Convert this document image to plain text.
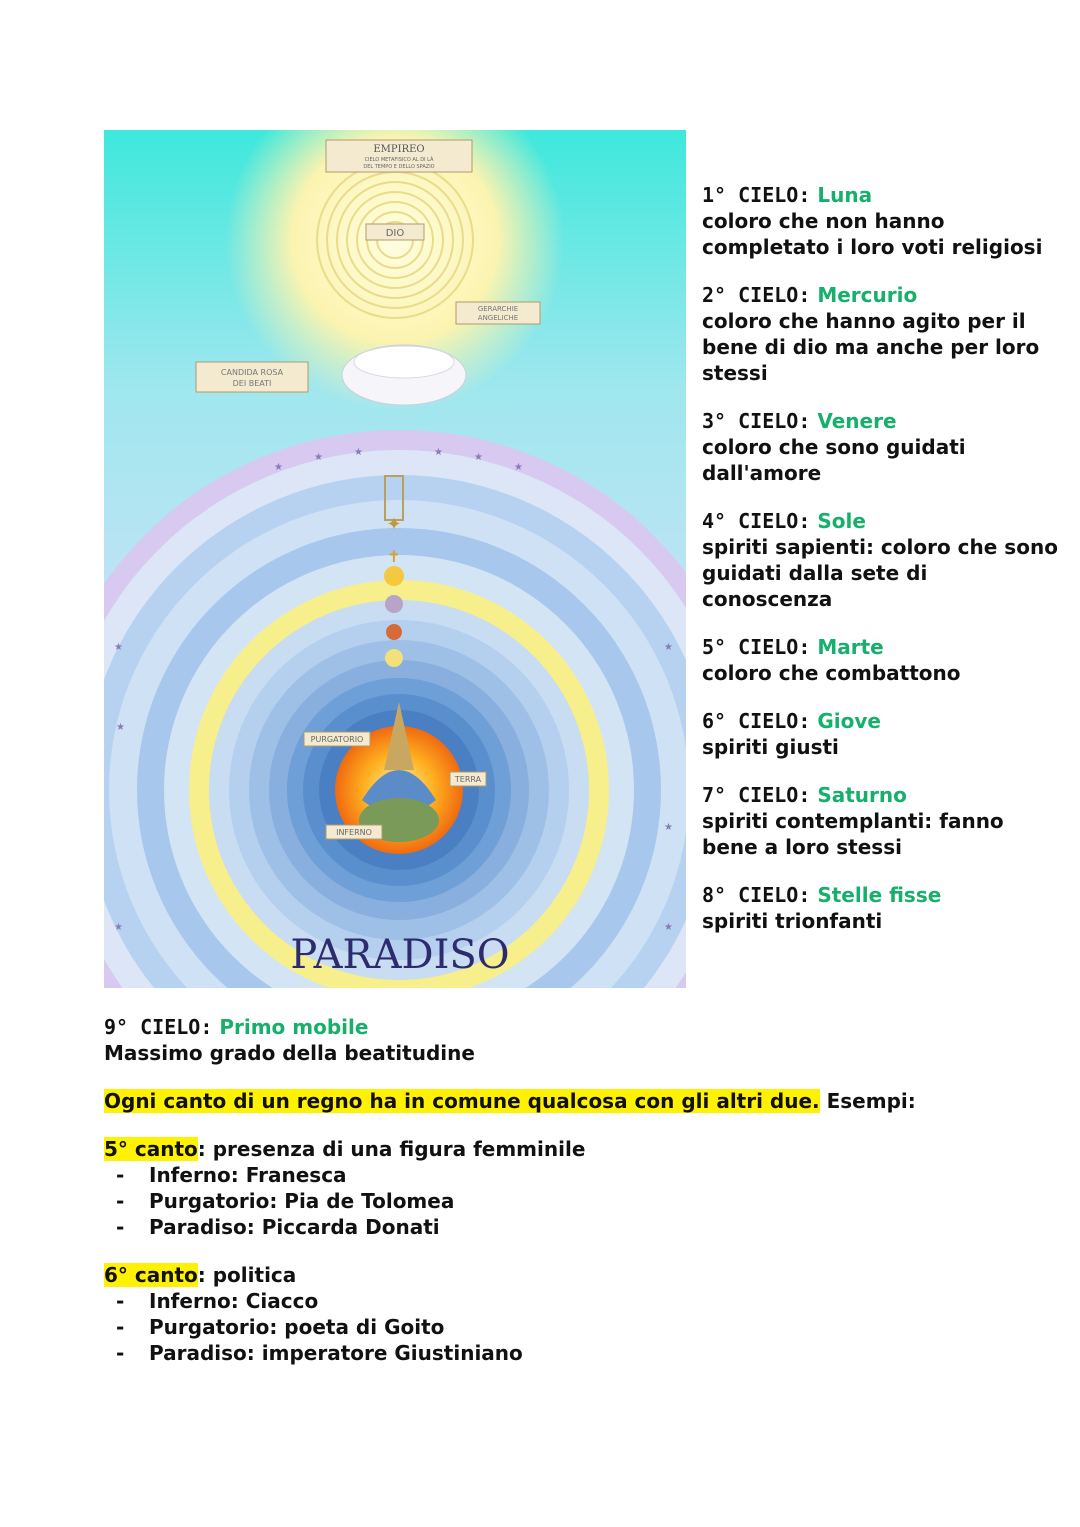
EMPIREO
CIELO METAFISICO AL DI LÀ
DEL TEMPO E DELLO SPAZIO
DIO
GERARCHIE
ANGELICHE
CANDIDA ROSA
DEI BEATI
★
★	★	★	★
★
★
★
★
★
★
★
✦
✝
PURGATORIO
TERRA
INFERNO
PARADISO
1° CIELO: Luna
coloro che non hanno completato i loro voti religiosi
2° CIELO: Mercurio
coloro che hanno agito per il bene di dio ma anche per loro stessi
3° CIELO: Venere
coloro che sono guidati dall'amore
4° CIELO: Sole
spiriti sapienti: coloro che sono guidati dalla sete di conoscenza
5° CIELO: Marte
coloro che combattono
6° CIELO: Giove
spiriti giusti
7° CIELO: Saturno
spiriti contemplanti: fanno bene a loro stessi
8° CIELO: Stelle fisse
spiriti trionfanti
9° CIELO: Primo mobile
Massimo grado della beatitudine
Ogni canto di un regno ha in comune qualcosa con gli altri due. Esempi:
5° canto: presenza di una figura femminile
- Inferno: Franesca
- Purgatorio: Pia de Tolomea
- Paradiso: Piccarda Donati
6° canto: politica
- Inferno: Ciacco
- Purgatorio: poeta di Goito
- Paradiso: imperatore Giustiniano
